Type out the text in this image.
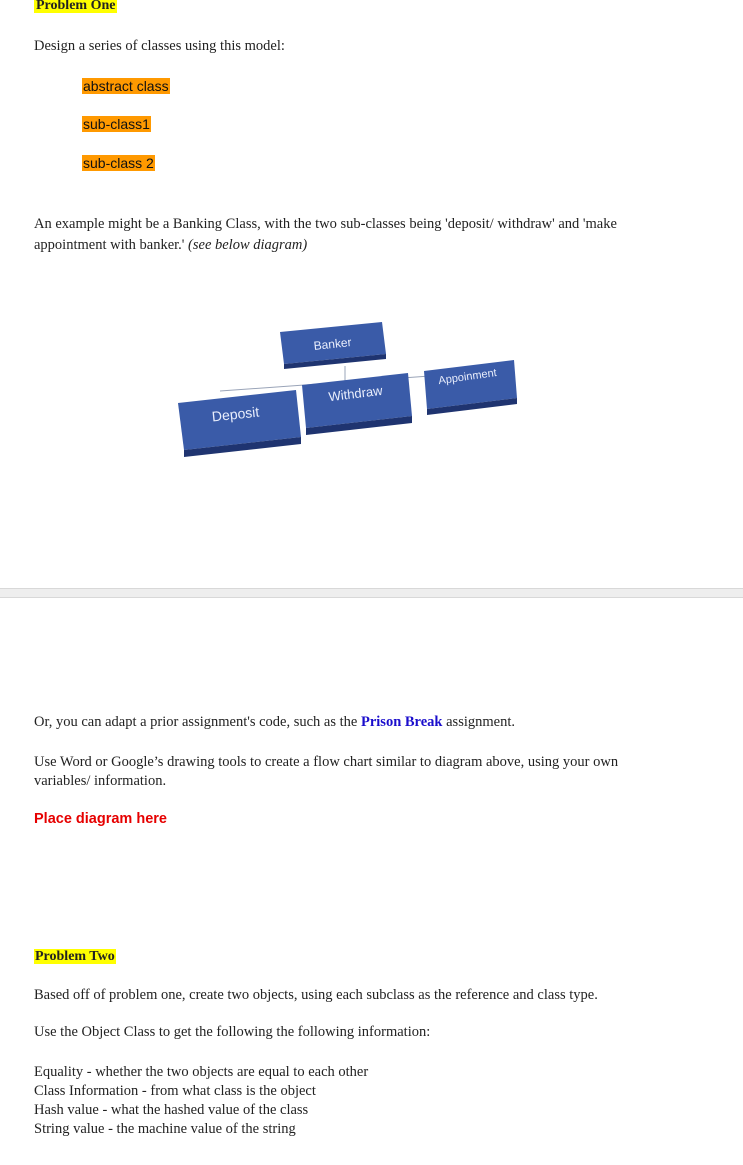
Problem One

Design a series of classes using this model:

abstract class
sub-class1
sub-class 2

An example might be a Banking Class, with the two sub-classes being 'deposit/ withdraw' and 'make appointment with banker.' (see below diagram)

Banker
Deposit
Withdraw
Appoinment

Or, you can adapt a prior assignment's code, such as the Prison Break assignment.

Use Word or Google’s drawing tools to create a flow chart similar to diagram above, using your own variables/ information.

Place diagram here

Problem Two

Based off of problem one, create two objects, using each subclass as the reference and class type.

Use the Object Class to get the following the following information:

Equality - whether the two objects are equal to each other
Class Information - from what class is the object
Hash value - what the hashed value of the class
String value - the machine value of the string
